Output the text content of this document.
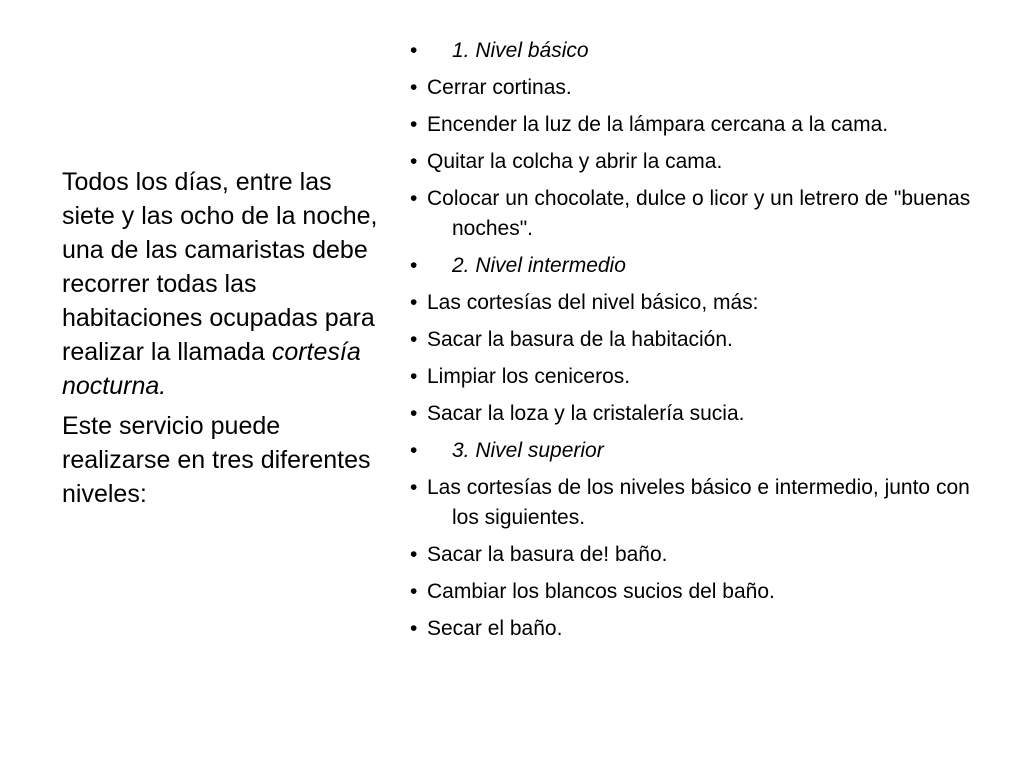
Todos los días, entre las siete y las ocho de la noche, una de las camaristas debe recorrer todas las habitaciones ocupadas para realizar la llamada cortesía nocturna.

Este servicio puede realizarse en tres diferentes niveles:

• 1. Nivel básico
• Cerrar cortinas.
• Encender la luz de la lámpara cercana a la cama.
• Quitar la colcha y abrir la cama.
• Colocar un chocolate, dulce o licor y un letrero de "buenas noches".
• 2. Nivel intermedio
• Las cortesías del nivel básico, más:
• Sacar la basura de la habitación.
• Limpiar los ceniceros.
• Sacar la loza y la cristalería sucia.
• 3. Nivel superior
• Las cortesías de los niveles básico e intermedio, junto con los siguientes.
• Sacar la basura de! baño.
• Cambiar los blancos sucios del baño.
• Secar el baño.
